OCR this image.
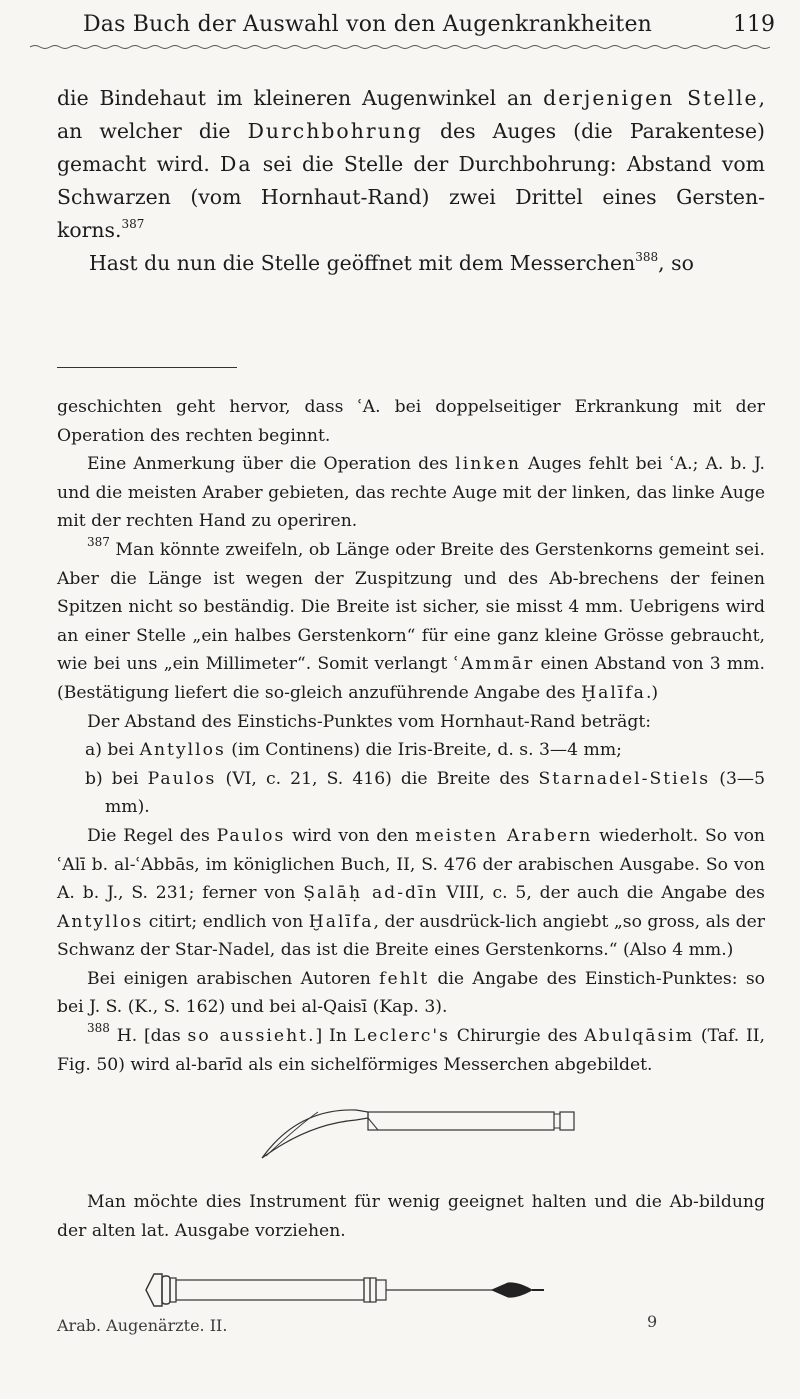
Das Buch der Auswahl von den Augenkrankheiten	119

die Bindehaut im kleineren Augenwinkel an derjenigen Stelle, an welcher die Durchbohrung des Auges (die Parakentese) gemacht wird. Da sei die Stelle der Durchbohrung: Abstand vom Schwarzen (vom Hornhaut-Rand) zwei Drittel eines Gersten-korns.$^{387}$

Hast du nun die Stelle geöffnet mit dem Messerchen$^{388}$, so

geschichten geht hervor, dass ʿA. bei doppelseitiger Erkrankung mit der Operation des rechten beginnt.

Eine Anmerkung über die Operation des linken Auges fehlt bei ʿA.; A. b. J. und die meisten Araber gebieten, das rechte Auge mit der linken, das linke Auge mit der rechten Hand zu operiren.

$^{387}$ Man könnte zweifeln, ob Länge oder Breite des Gerstenkorns gemeint sei. Aber die Länge ist wegen der Zuspitzung und des Ab-brechens der feinen Spitzen nicht so beständig. Die Breite ist sicher, sie misst 4 mm. Uebrigens wird an einer Stelle „ein halbes Gerstenkorn“ für eine ganz kleine Grösse gebraucht, wie bei uns „ein Millimeter“. Somit verlangt ʿAmmār einen Abstand von 3 mm. (Bestätigung liefert die so-gleich anzuführende Angabe des Ḫalīfa.)

Der Abstand des Einstichs-Punktes vom Hornhaut-Rand beträgt:

a) bei Antyllos (im Continens) die Iris-Breite, d. s. 3—4 mm;

b) bei Paulos (VI, c. 21, S. 416) die Breite des Starnadel-Stiels (3—5 mm).

Die Regel des Paulos wird von den meisten Arabern wiederholt. So von ʿAlī b. al-ʿAbbās, im königlichen Buch, II, S. 476 der arabischen Ausgabe. So von A. b. J., S. 231; ferner von Ṣalāḥ ad-dīn VIII, c. 5, der auch die Angabe des Antyllos citirt; endlich von Ḫalīfa, der ausdrück-lich angiebt „so gross, als der Schwanz der Star-Nadel, das ist die Breite eines Gerstenkorns.“ (Also 4 mm.)

Bei einigen arabischen Autoren fehlt die Angabe des Einstich-Punktes: so bei J. S. (K., S. 162) und bei al-Qaisī (Kap. 3).

$^{388}$ H. [das so aussieht.] In Leclerc's Chirurgie des Abulqāsim (Taf. II, Fig. 50) wird al-barīd als ein sichelförmiges Messerchen abgebildet.

Man möchte dies Instrument für wenig geeignet halten und die Ab-bildung der alten lat. Ausgabe vorziehen.

Arab. Augenärzte. II.	9
